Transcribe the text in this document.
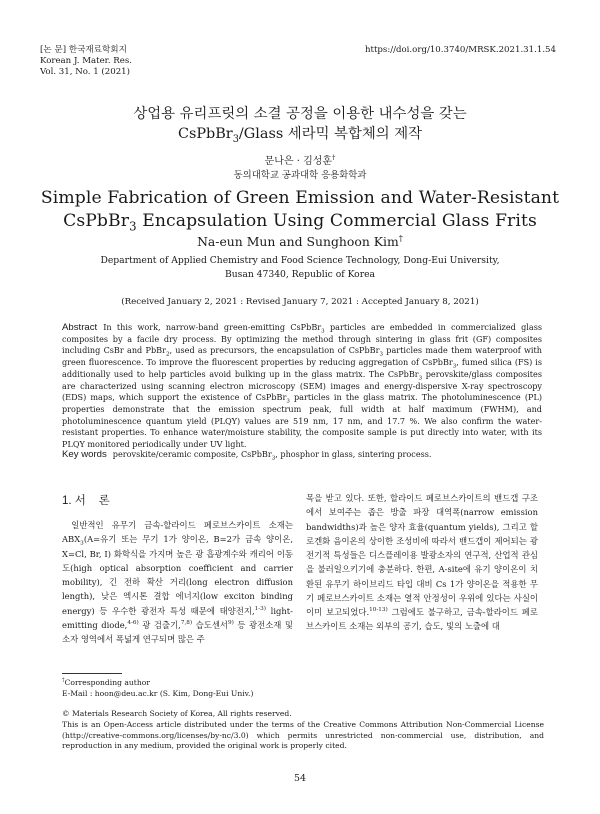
[논 문] 한국재료학회지
Korean J. Mater. Res.
Vol. 31, No. 1 (2021)
https://doi.org/10.3740/MRSK.2021.31.1.54
상업용 유리프릿의 소결 공정을 이용한 내수성을 갖는
CsPbBr$_3$/Glass 세라믹 복합체의 제작
문나은 · 김성훈†
동의대학교 공과대학 응용화학과
Simple Fabrication of Green Emission and Water-Resistant
CsPbBr$_3$ Encapsulation Using Commercial Glass Frits
Na-eun Mun and Sunghoon Kim†
Department of Applied Chemistry and Food Science Technology, Dong-Eui University,
Busan 47340, Republic of Korea
(Received January 2, 2021 : Revised January 7, 2021 : Accepted January 8, 2021)
Abstract In this work, narrow-band green-emitting CsPbBr$_3$ particles are embedded in commercialized glass composites by a facile dry process. By optimizing the method through sintering in glass frit (GF) composites including CsBr and PbBr$_2$, used as precursors, the encapsulation of CsPbBr$_3$ particles made them waterproof with green fluorescence. To improve the fluorescent properties by reducing aggregation of CsPbBr$_3$, fumed silica (FS) is additionally used to help particles avoid bulking up in the glass matrix. The CsPbBr$_3$ perovskite/glass composites are characterized using scanning electron microscopy (SEM) images and energy-dispersive X-ray spectroscopy (EDS) maps, which support the existence of CsPbBr$_3$ particles in the glass matrix. The photoluminescence (PL) properties demonstrate that the emission spectrum peak, full width at half maximum (FWHM), and photoluminescence quantum yield (PLQY) values are 519 nm, 17 nm, and 17.7 %. We also confirm the water-resistant properties. To enhance water/moisture stability, the composite sample is put directly into water, with its PLQY monitored periodically under UV light.
Key words perovskite/ceramic composite, CsPbBr$_3$, phosphor in glass, sintering process.
1. 서    론

일반적인 유무기 금속-할라이드 페로브스카이트 소재는 $ABX_3(A=$유기 또는 무기 1가 양이온, B=2가 금속 양이온, X=Cl, Br, I) 화학식을 가지며 높은 광 흡광계수와 캐리어 이동도(high optical absorption coefficient and carrier mobility), 긴 전하 확산 거리(long electron diffusion length), 낮은 엑시톤 결합 에너지(low exciton binding energy) 등 우수한 광전자 특성 때문에 태양전지,$^{1-3)}$ light-emitting diode,$^{4-6)}$ 광 검출기,$^{7,8)}$ 습도센서$^{9)}$ 등 광전소재 및 소자 영역에서 폭넓게 연구되며 많은 주

목을 받고 있다. 또한, 할라이드 페로브스카이트의 밴드갭 구조에서 보여주는 좁은 방출 파장 대역폭(narrow emission bandwidths)과 높은 양자 효율(quantum yields), 그리고 할로겐화 음이온의 상이한 조성비에 따라서 밴드갭이 제어되는 광 전기적 특성들은 디스플레이용 발광소자의 연구적, 산업적 관심을 불러일으키기에 충분하다. 한편, A-site에 유기 양이온이 치환된 유무기 하이브리드 타입 대비 Cs 1가 양이온을 적용한 무기 페로브스카이트 소재는 열적 안정성이 우위에 있다는 사실이 이미 보고되었다.$^{10-13)}$ 그럼에도 불구하고, 금속-할라이드 페로브스카이트 소재는 외부의 공기, 습도, 빛의 노출에 대

†Corresponding author
E-Mail : hoon@deu.ac.kr (S. Kim, Dong-Eui Univ.)
© Materials Research Society of Korea, All rights reserved.
This is an Open-Access article distributed under the terms of the Creative Commons Attribution Non-Commercial License (http://creative-commons.org/licenses/by-nc/3.0) which permits unrestricted non-commercial use, distribution, and reproduction in any medium, provided the original work is properly cited.
54
